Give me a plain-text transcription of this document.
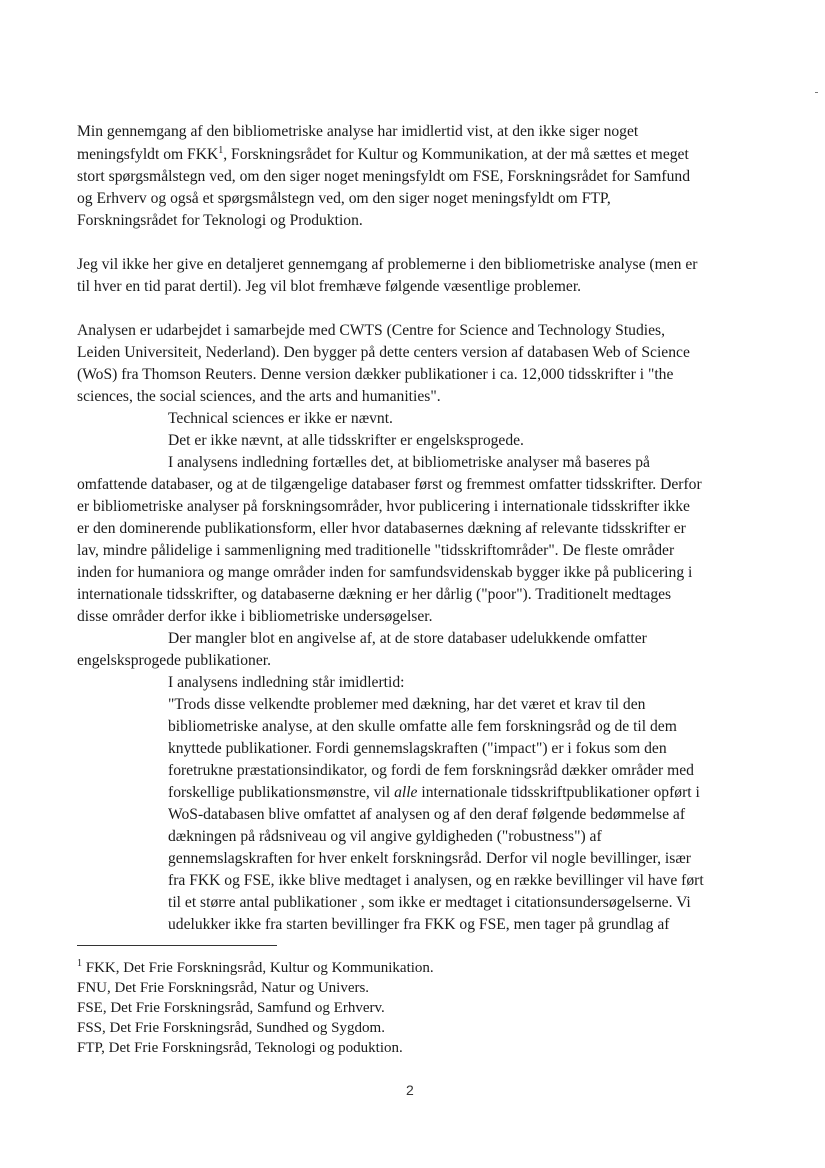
Min gennemgang af den bibliometriske analyse har imidlertid vist, at den ikke siger noget
meningsfyldt om FKK$^1$, Forskningsrådet for Kultur og Kommunikation, at der må sættes et meget
stort spørgsmålstegn ved, om den siger noget meningsfyldt om FSE, Forskningsrådet for Samfund
og Erhverv og også et spørgsmålstegn ved, om den siger noget meningsfyldt om FTP,
Forskningsrådet for Teknologi og Produktion.
Jeg vil ikke her give en detaljeret gennemgang af problemerne i den bibliometriske analyse (men er
til hver en tid parat dertil). Jeg vil blot fremhæve følgende væsentlige problemer.
Analysen er udarbejdet i samarbejde med CWTS (Centre for Science and Technology Studies,
Leiden Universiteit, Nederland). Den bygger på dette centers version af databasen Web of Science
(WoS) fra Thomson Reuters. Denne version dækker publikationer i ca. 12,000 tidsskrifter i "the
sciences, the social sciences, and the arts and humanities".
Technical sciences er ikke er nævnt.
Det er ikke nævnt, at alle tidsskrifter er engelsksprogede.
I analysens indledning fortælles det, at bibliometriske analyser må baseres på
omfattende databaser, og at de tilgængelige databaser først og fremmest omfatter tidsskrifter. Derfor
er bibliometriske analyser på forskningsområder, hvor publicering i internationale tidsskrifter ikke
er den dominerende publikationsform, eller hvor databasernes dækning af relevante tidsskrifter er
lav, mindre pålidelige i sammenligning med traditionelle "tidsskriftområder". De fleste områder
inden for humaniora og mange områder inden for samfundsvidenskab bygger ikke på publicering i
internationale tidsskrifter, og databaserne dækning er her dårlig ("poor"). Traditionelt medtages
disse områder derfor ikke i bibliometriske undersøgelser.
Der mangler blot en angivelse af, at de store databaser udelukkende omfatter
engelsksprogede publikationer.
I analysens indledning står imidlertid:
"Trods disse velkendte problemer med dækning, har det været et krav til den
bibliometriske analyse, at den skulle omfatte alle fem forskningsråd og de til dem
knyttede publikationer. Fordi gennemslagskraften ("impact") er i fokus som den
foretrukne præstationsindikator, og fordi de fem forskningsråd dækker områder med
forskellige publikationsmønstre, vil alle internationale tidsskriftpublikationer opført i
WoS-databasen blive omfattet af analysen og af den deraf følgende bedømmelse af
dækningen på rådsniveau og vil angive gyldigheden ("robustness") af
gennemslagskraften for hver enkelt forskningsråd. Derfor vil nogle bevillinger, især
fra FKK og FSE, ikke blive medtaget i analysen, og en række bevillinger vil have ført
til et større antal publikationer , som ikke er medtaget i citationsundersøgelserne. Vi
udelukker ikke fra starten bevillinger fra FKK og FSE, men tager på grundlag af
$^1$ FKK, Det Frie Forskningsråd, Kultur og Kommunikation.
FNU, Det Frie Forskningsråd, Natur og Univers.
FSE, Det Frie Forskningsråd, Samfund og Erhverv.
FSS, Det Frie Forskningsråd, Sundhed og Sygdom.
FTP, Det Frie Forskningsråd, Teknologi og poduktion.
2
